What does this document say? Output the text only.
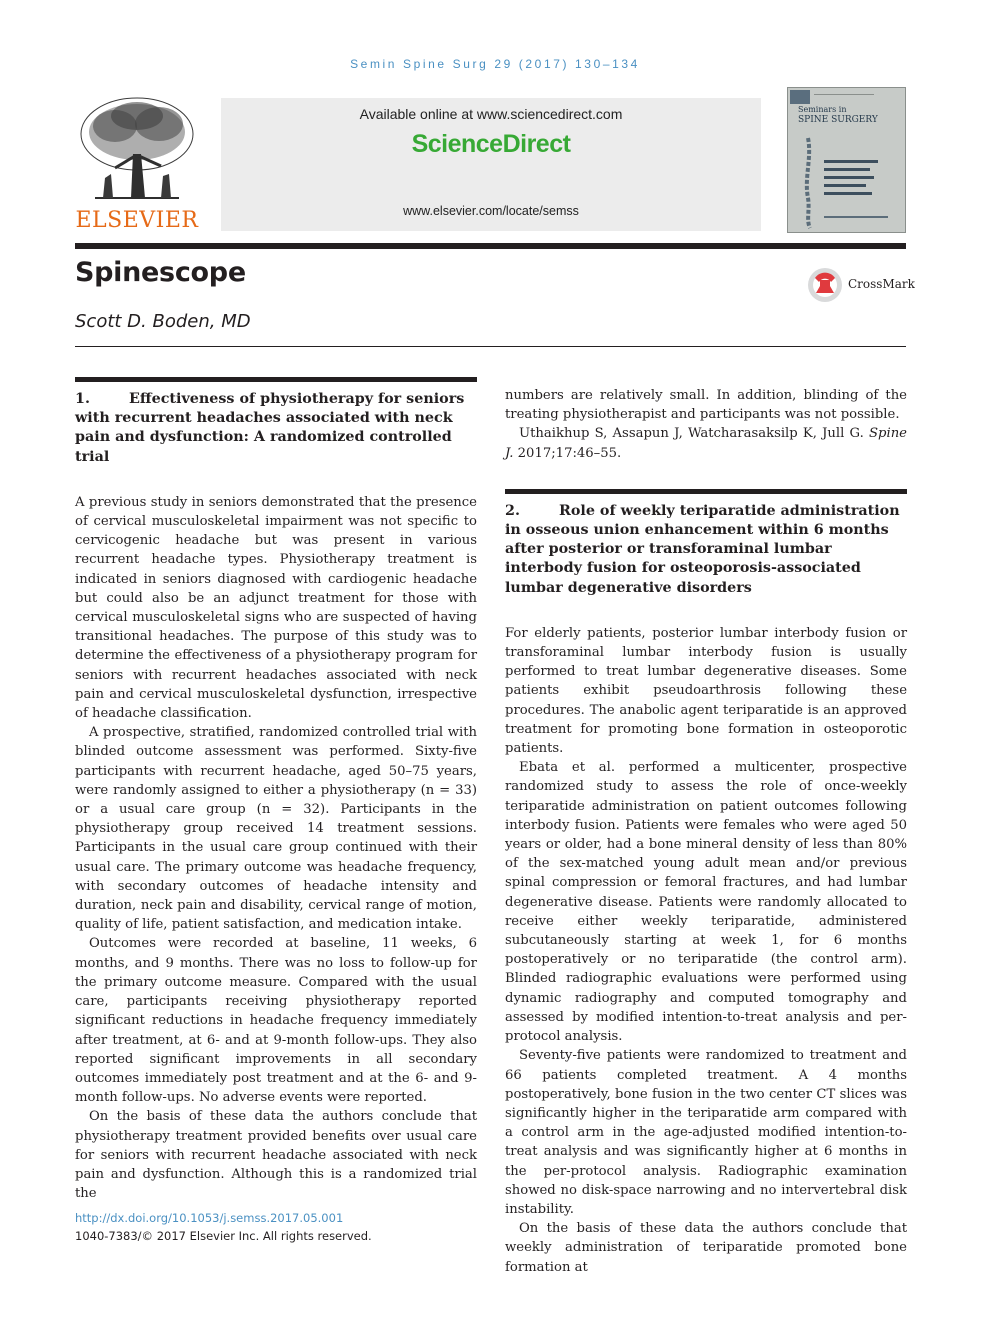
Semin Spine Surg 29 (2017) 130–134
ELSEVIER
Available online at www.sciencedirect.com
ScienceDirect
www.elsevier.com/locate/semss
Seminars in
SPINE SURGERY
Spinescope	CrossMark
Scott D. Boden, MD
1.	Effectiveness of physiotherapy for seniors with recurrent headaches associated with neck pain and dysfunction: A randomized controlled trial

A previous study in seniors demonstrated that the presence of cervical musculoskeletal impairment was not specific to cervicogenic headache but was present in various recurrent headache types. Physiotherapy treatment is indicated in seniors diagnosed with cardiogenic headache but could also be an adjunct treatment for those with cervical musculoskeletal signs who are suspected of having transitional headaches. The purpose of this study was to determine the effectiveness of a physiotherapy program for seniors with recurrent headaches associated with neck pain and cervical musculoskeletal dysfunction, irrespective of headache classification.

A prospective, stratified, randomized controlled trial with blinded outcome assessment was performed. Sixty-five participants with recurrent headache, aged 50–75 years, were randomly assigned to either a physiotherapy (n = 33) or a usual care group (n = 32). Participants in the physiotherapy group received 14 treatment sessions. Participants in the usual care group continued with their usual care. The primary outcome was headache frequency, with secondary outcomes of headache intensity and duration, neck pain and disability, cervical range of motion, quality of life, patient satisfaction, and medication intake.

Outcomes were recorded at baseline, 11 weeks, 6 months, and 9 months. There was no loss to follow-up for the primary outcome measure. Compared with the usual care, participants receiving physiotherapy reported significant reductions in headache frequency immediately after treatment, at 6- and at 9-month follow-ups. They also reported significant improvements in all secondary outcomes immediately post treatment and at the 6- and 9-month follow-ups. No adverse events were reported.

On the basis of these data the authors conclude that physiotherapy treatment provided benefits over usual care for seniors with recurrent headache associated with neck pain and dysfunction. Although this is a randomized trial the

numbers are relatively small. In addition, blinding of the treating physiotherapist and participants was not possible.

Uthaikhup S, Assapun J, Watcharasaksilp K, Jull G. Spine J. 2017;17:46–55.

2.	Role of weekly teriparatide administration in osseous union enhancement within 6 months after posterior or transforaminal lumbar interbody fusion for osteoporosis-associated lumbar degenerative disorders

For elderly patients, posterior lumbar interbody fusion or transforaminal lumbar interbody fusion is usually performed to treat lumbar degenerative diseases. Some patients exhibit pseudoarthrosis following these procedures. The anabolic agent teriparatide is an approved treatment for promoting bone formation in osteoporotic patients.

Ebata et al. performed a multicenter, prospective randomized study to assess the role of once-weekly teriparatide administration on patient outcomes following interbody fusion. Patients were females who were aged 50 years or older, had a bone mineral density of less than 80% of the sex-matched young adult mean and/or previous spinal compression or femoral fractures, and had lumbar degenerative disease. Patients were randomly allocated to receive either weekly teriparatide, administered subcutaneously starting at week 1, for 6 months postoperatively or no teriparatide (the control arm). Blinded radiographic evaluations were performed using dynamic radiography and computed tomography and assessed by modified intention-to-treat analysis and per-protocol analysis.

Seventy-five patients were randomized to treatment and 66 patients completed treatment. A 4 months postoperatively, bone fusion in the two center CT slices was significantly higher in the teriparatide arm compared with a control arm in the age-adjusted modified intention-to-treat analysis and was significantly higher at 6 months in the per-protocol analysis. Radiographic examination showed no disk-space narrowing and no intervertebral disk instability.

On the basis of these data the authors conclude that weekly administration of teriparatide promoted bone formation at

http://dx.doi.org/10.1053/j.semss.2017.05.001
1040-7383/© 2017 Elsevier Inc. All rights reserved.
